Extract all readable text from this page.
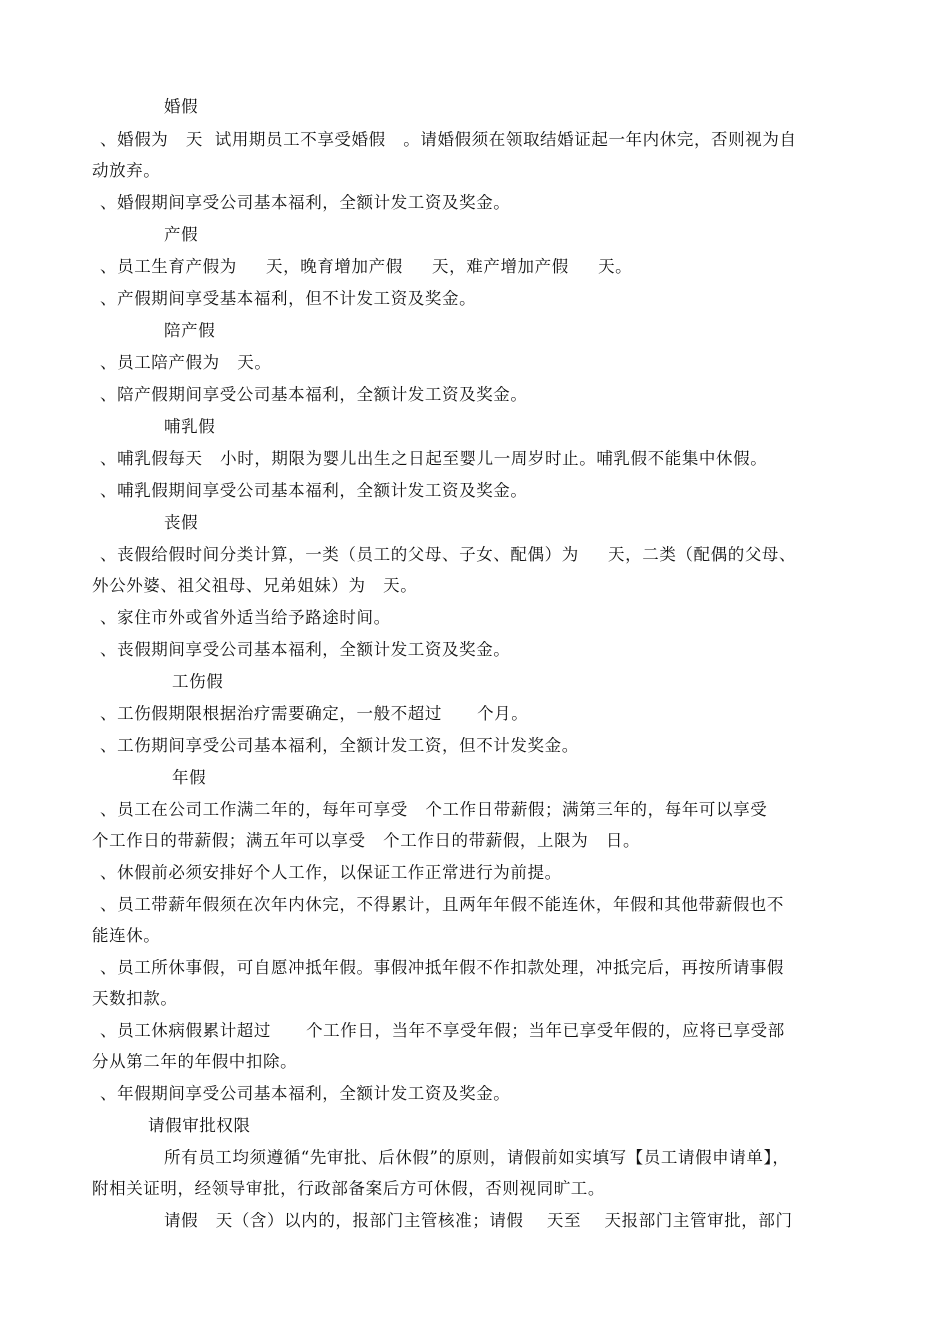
婚假
、婚假为   天  试用期员工不享受婚假   。请婚假须在领取结婚证起一年内休完，否则视为自
动放弃。
、婚假期间享受公司基本福利，全额计发工资及奖金。
产假
、员工生育产假为     天，晚育增加产假     天，难产增加产假     天。
、产假期间享受基本福利，但不计发工资及奖金。
陪产假
、员工陪产假为   天。
、陪产假期间享受公司基本福利，全额计发工资及奖金。
哺乳假
、哺乳假每天   小时，期限为婴儿出生之日起至婴儿一周岁时止。哺乳假不能集中休假。
、哺乳假期间享受公司基本福利，全额计发工资及奖金。
丧假
、丧假给假时间分类计算，一类（员工的父母、子女、配偶）为     天，二类（配偶的父母、
外公外婆、祖父祖母、兄弟姐妹）为   天。
、家住市外或省外适当给予路途时间。
、丧假期间享受公司基本福利，全额计发工资及奖金。
工伤假
、工伤假期限根据治疗需要确定，一般不超过      个月。
、工伤期间享受公司基本福利，全额计发工资，但不计发奖金。
年假
、员工在公司工作满二年的，每年可享受   个工作日带薪假；满第三年的，每年可以享受
个工作日的带薪假；满五年可以享受   个工作日的带薪假，上限为   日。
、休假前必须安排好个人工作，以保证工作正常进行为前提。
、员工带薪年假须在次年内休完，不得累计，且两年年假不能连休，年假和其他带薪假也不
能连休。
、员工所休事假，可自愿冲抵年假。事假冲抵年假不作扣款处理，冲抵完后，再按所请事假
天数扣款。
、员工休病假累计超过      个工作日，当年不享受年假；当年已享受年假的，应将已享受部
分从第二年的年假中扣除。
、年假期间享受公司基本福利，全额计发工资及奖金。
请假审批权限
所有员工均须遵循“先审批、后休假”的原则，请假前如实填写【员工请假申请单】，
附相关证明，经领导审批，行政部备案后方可休假，否则视同旷工。
请假   天（含）以内的，报部门主管核准；请假    天至    天报部门主管审批，部门
